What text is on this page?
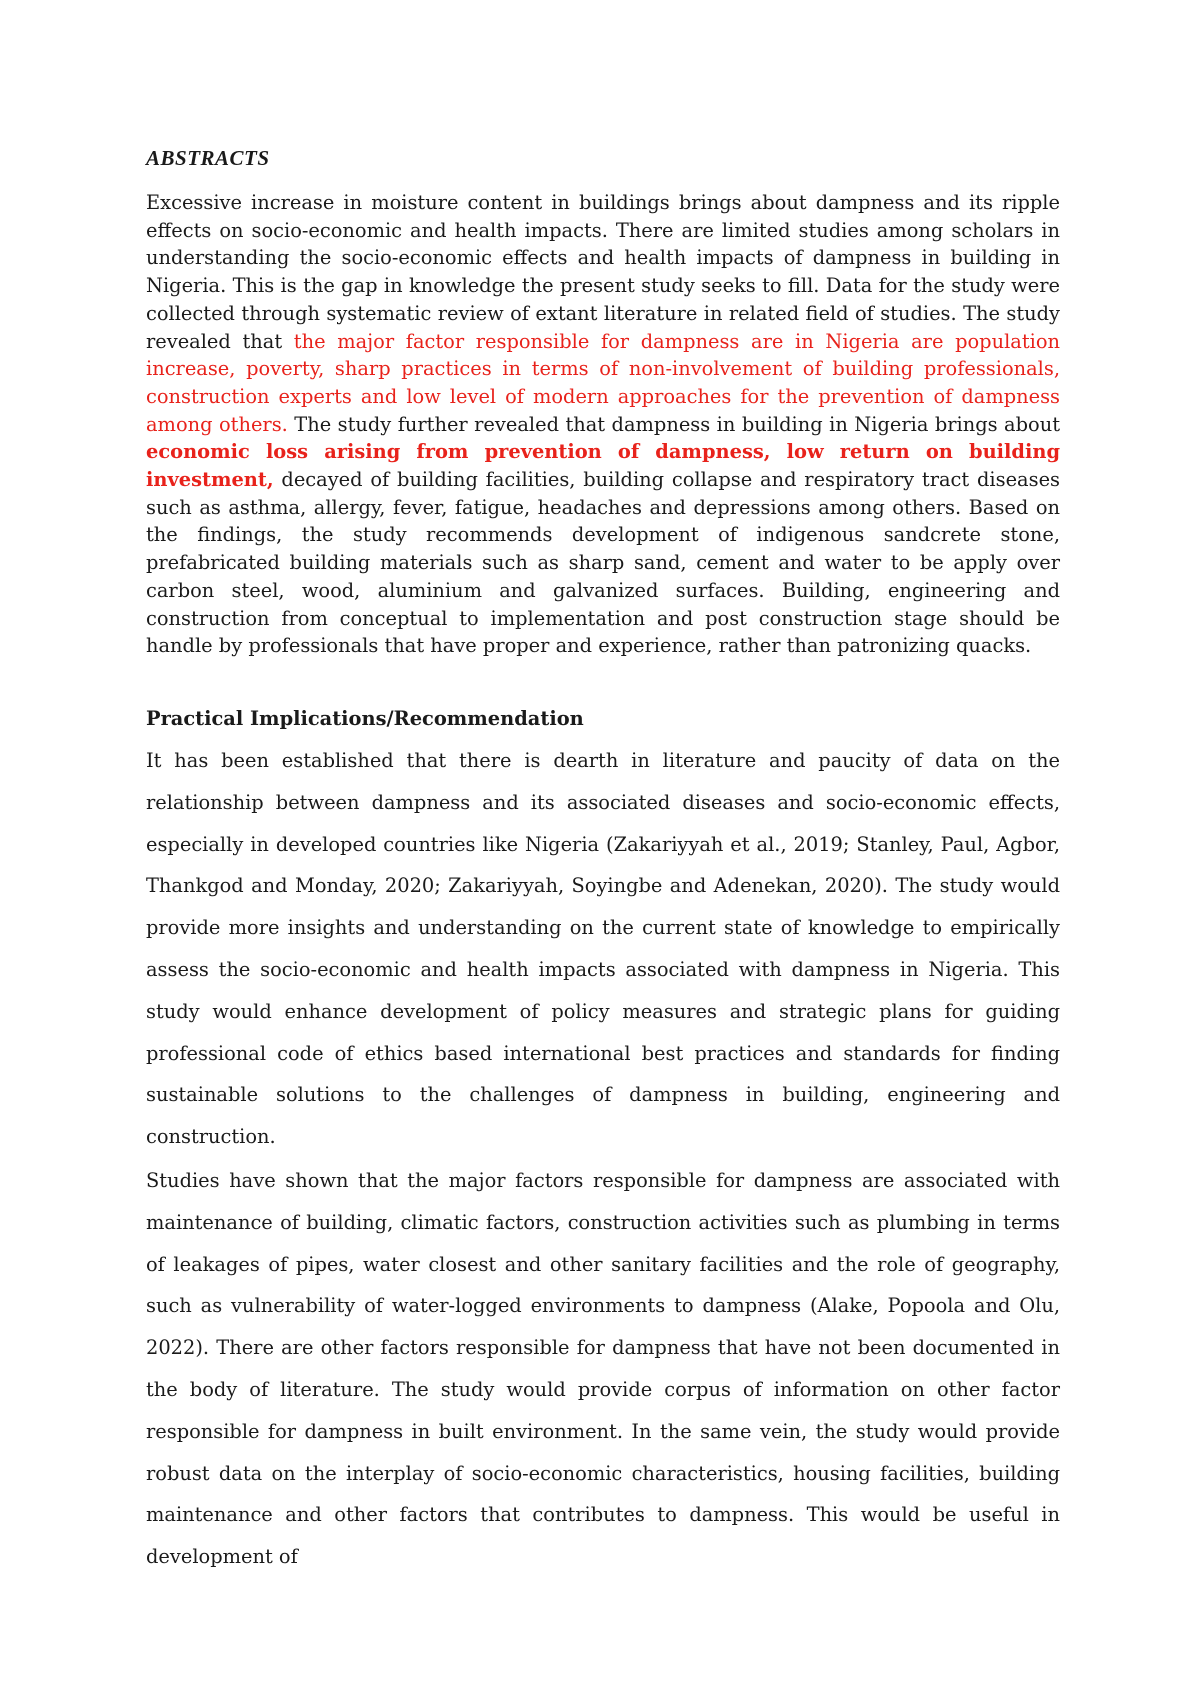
ABSTRACTS

Excessive increase in moisture content in buildings brings about dampness and its ripple effects on socio-economic and health impacts. There are limited studies among scholars in understanding the socio-economic effects and health impacts of dampness in building in Nigeria. This is the gap in knowledge the present study seeks to fill. Data for the study were collected through systematic review of extant literature in related field of studies. The study revealed that the major factor responsible for dampness are in Nigeria are population increase, poverty, sharp practices in terms of non-involvement of building professionals, construction experts and low level of modern approaches for the prevention of dampness among others. The study further revealed that dampness in building in Nigeria brings about economic loss arising from prevention of dampness, low return on building investment, decayed of building facilities, building collapse and respiratory tract diseases such as asthma, allergy, fever, fatigue, headaches and depressions among others. Based on the findings, the study recommends development of indigenous sandcrete stone, prefabricated building materials such as sharp sand, cement and water to be apply over carbon steel, wood, aluminium and galvanized surfaces. Building, engineering and construction from conceptual to implementation and post construction stage should be handle by professionals that have proper and experience, rather than patronizing quacks.

Practical Implications/Recommendation

It has been established that there is dearth in literature and paucity of data on the relationship between dampness and its associated diseases and socio-economic effects, especially in developed countries like Nigeria (Zakariyyah et al., 2019; Stanley, Paul, Agbor, Thankgod and Monday, 2020; Zakariyyah, Soyingbe and Adenekan, 2020). The study would provide more insights and understanding on the current state of knowledge to empirically assess the socio-economic and health impacts associated with dampness in Nigeria. This study would enhance development of policy measures and strategic plans for guiding professional code of ethics based international best practices and standards for finding sustainable solutions to the challenges of dampness in building, engineering and construction.

Studies have shown that the major factors responsible for dampness are associated with maintenance of building, climatic factors, construction activities such as plumbing in terms of leakages of pipes, water closest and other sanitary facilities and the role of geography, such as vulnerability of water-logged environments to dampness (Alake, Popoola and Olu, 2022). There are other factors responsible for dampness that have not been documented in the body of literature. The study would provide corpus of information on other factor responsible for dampness in built environment. In the same vein, the study would provide robust data on the interplay of socio-economic characteristics, housing facilities, building maintenance and other factors that contributes to dampness. This would be useful in development of
